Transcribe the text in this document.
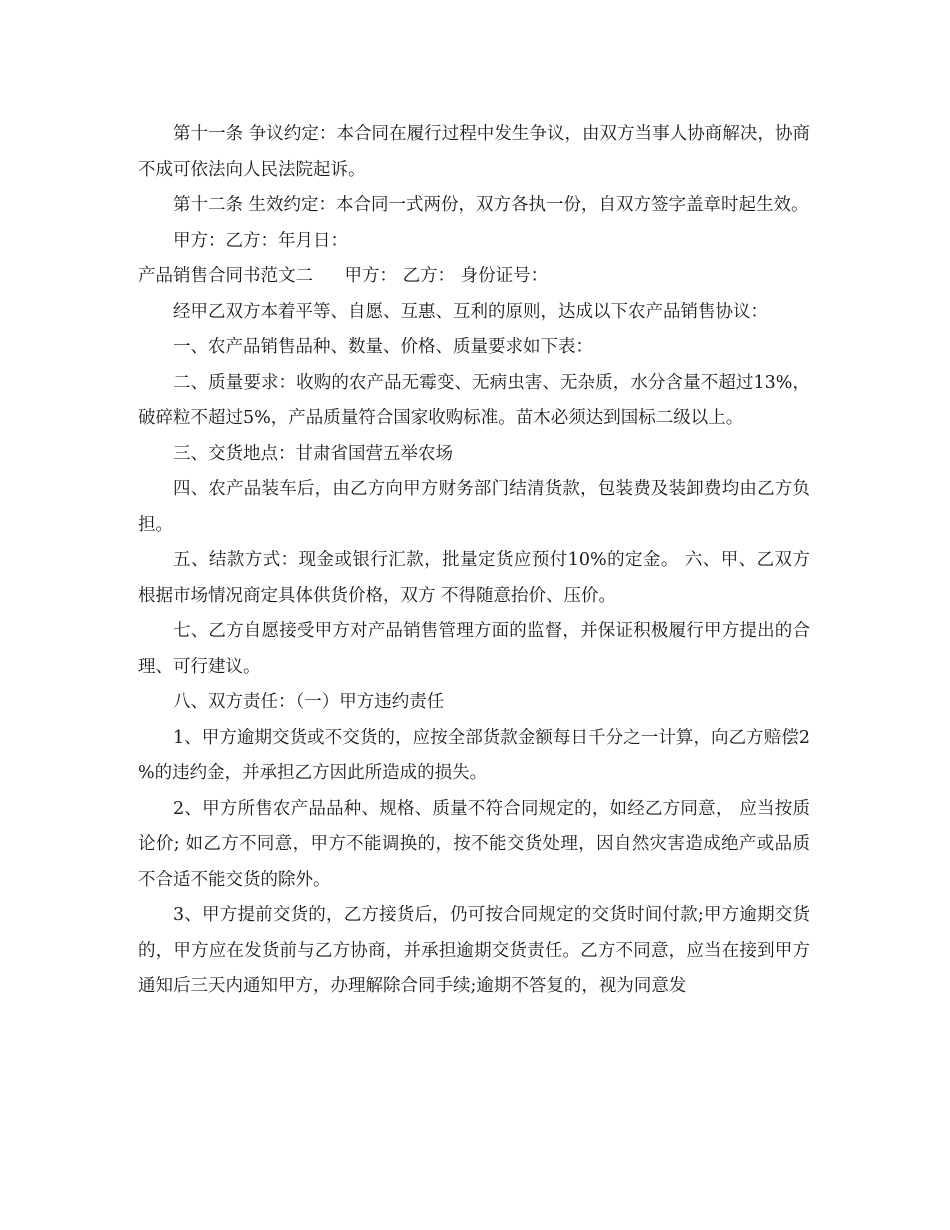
第十一条 争议约定：本合同在履行过程中发生争议，由双方当事人协商解决，协商不成可依法向人民法院起诉。

第十二条 生效约定：本合同一式两份，双方各执一份，自双方签字盖章时起生效。

甲方：乙方：年月日：

产品销售合同书范文二 甲方： 乙方： 身份证号：

经甲乙双方本着平等、自愿、互惠、互利的原则，达成以下农产品销售协议：

一、农产品销售品种、数量、价格、质量要求如下表：

二、质量要求：收购的农产品无霉变、无病虫害、无杂质，水分含量不超过13%，破碎粒不超过5%，产品质量符合国家收购标准。苗木必须达到国标二级以上。

三、交货地点：甘肃省国营五举农场

四、农产品装车后，由乙方向甲方财务部门结清货款，包装费及装卸费均由乙方负担。

五、结款方式：现金或银行汇款，批量定货应预付10%的定金。 六、甲、乙双方根据市场情况商定具体供货价格，双方 不得随意抬价、压价。

七、乙方自愿接受甲方对产品销售管理方面的监督，并保证积极履行甲方提出的合理、可行建议。

八、双方责任：（一）甲方违约责任

1、甲方逾期交货或不交货的，应按全部货款金额每日千分之一计算，向乙方赔偿2 %的违约金，并承担乙方因此所造成的损失。

2、甲方所售农产品品种、规格、质量不符合同规定的，如经乙方同意， 应当按质论价; 如乙方不同意，甲方不能调换的，按不能交货处理，因自然灾害造成绝产或品质不合适不能交货的除外。

3、甲方提前交货的，乙方接货后，仍可按合同规定的交货时间付款;甲方逾期交货的，甲方应在发货前与乙方协商，并承担逾期交货责任。乙方不同意，应当在接到甲方通知后三天内通知甲方，办理解除合同手续;逾期不答复的，视为同意发
